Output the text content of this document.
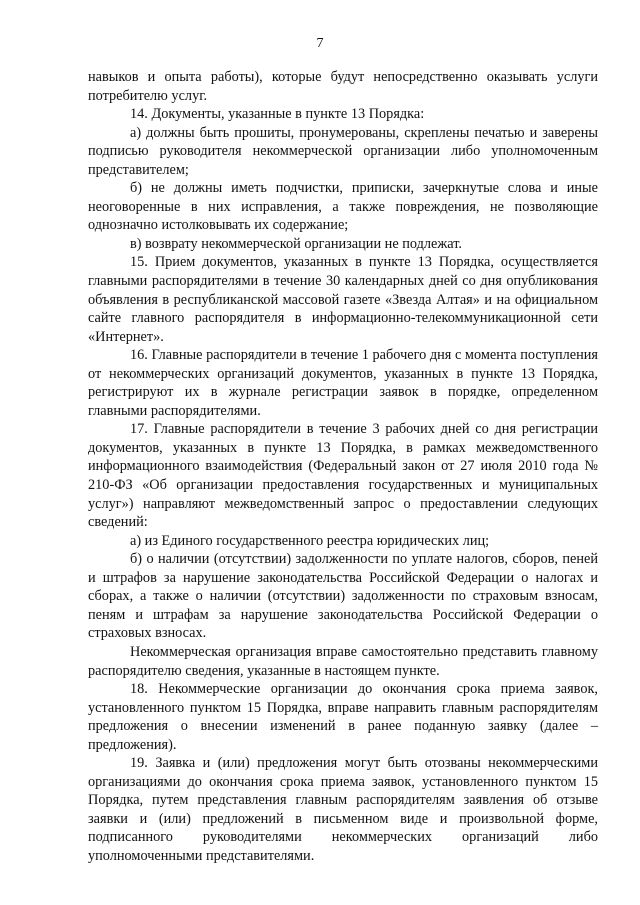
7

навыков и опыта работы), которые будут непосредственно оказывать услуги потребителю услуг.

14. Документы, указанные в пункте 13 Порядка:

а) должны быть прошиты, пронумерованы, скреплены печатью и заверены подписью руководителя некоммерческой организации либо уполномоченным представителем;

б) не должны иметь подчистки, приписки, зачеркнутые слова и иные неоговоренные в них исправления, а также повреждения, не позволяющие однозначно истолковывать их содержание;

в) возврату некоммерческой организации не подлежат.

15. Прием документов, указанных в пункте 13 Порядка, осуществляется главными распорядителями в течение 30 календарных дней со дня опубликования объявления в республиканской массовой газете «Звезда Алтая» и на официальном сайте главного распорядителя в информационно-телекоммуникационной сети «Интернет».

16. Главные распорядители в течение 1 рабочего дня с момента поступления от некоммерческих организаций документов, указанных в пункте 13 Порядка, регистрируют их в журнале регистрации заявок в порядке, определенном главными распорядителями.

17. Главные распорядители в течение 3 рабочих дней со дня регистрации документов, указанных в пункте 13 Порядка, в рамках межведомственного информационного взаимодействия (Федеральный закон от 27 июля 2010 года № 210-ФЗ «Об организации предоставления государственных и муниципальных услуг») направляют межведомственный запрос о предоставлении следующих сведений:

а) из Единого государственного реестра юридических лиц;

б) о наличии (отсутствии) задолженности по уплате налогов, сборов, пеней и штрафов за нарушение законодательства Российской Федерации о налогах и сборах, а также о наличии (отсутствии) задолженности по страховым взносам, пеням и штрафам за нарушение законодательства Российской Федерации о страховых взносах.

Некоммерческая организация вправе самостоятельно представить главному распорядителю сведения, указанные в настоящем пункте.

18. Некоммерческие организации до окончания срока приема заявок, установленного пунктом 15 Порядка, вправе направить главным распорядителям предложения о внесении изменений в ранее поданную заявку (далее – предложения).

19. Заявка и (или) предложения могут быть отозваны некоммерческими организациями до окончания срока приема заявок, установленного пунктом 15 Порядка, путем представления главным распорядителям заявления об отзыве заявки и (или) предложений в письменном виде и произвольной форме, подписанного руководителями некоммерческих организаций либо уполномоченными представителями.
